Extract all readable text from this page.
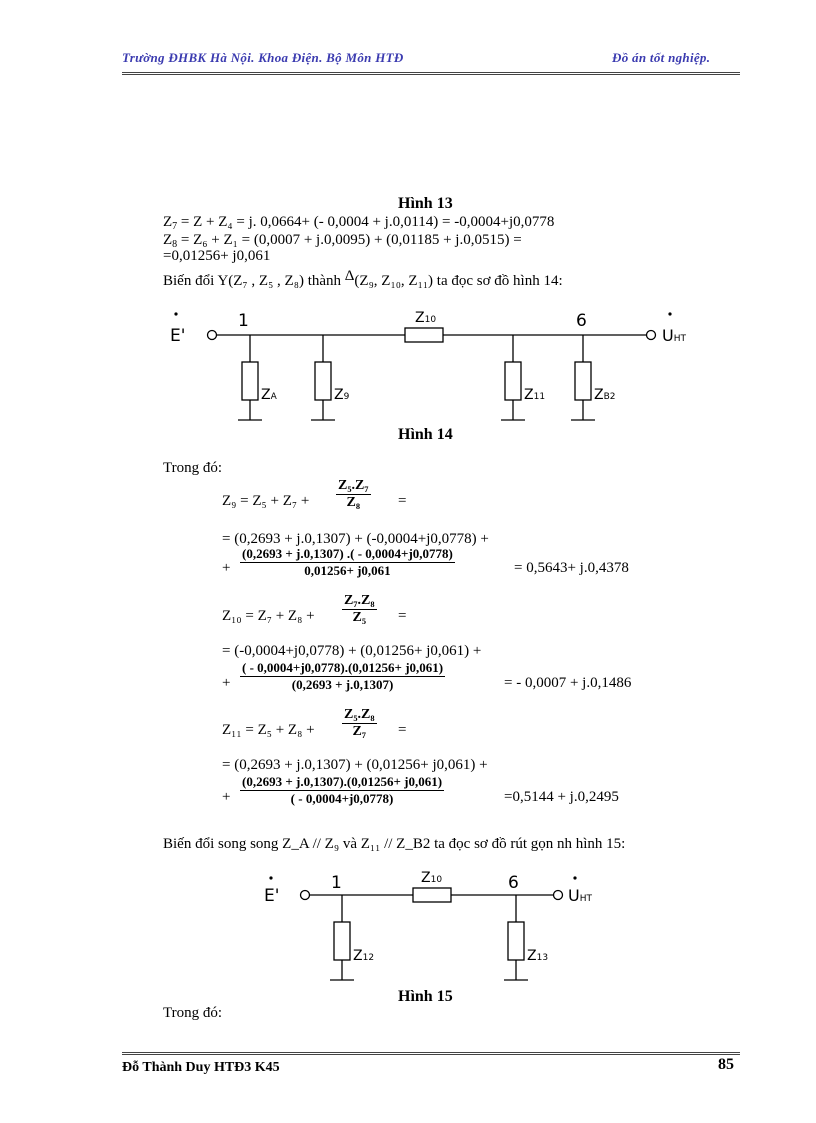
Trường ĐHBK Hà Nội. Khoa Điện. Bộ Môn HTĐ	Đồ án tốt nghiệp.
Hình 13
$Z_7 = Z + Z_4 = j$. 0,0664+ (- 0,0004 + j.0,0114) = -0,0004+j0,0778
$Z_8 = Z_6 + Z_1 = (0,0007 + j.0,0095) + (0,01185 + j.0,0515)$ =
=0,01256+ j0,061
Biến đổi Y(Z₇ , Z₅ , Z₈) thành Δ(Z₉, Z₁₀, Z₁₁) ta đọc sơ đồ hình 14:
E'
1	6
UHT
Z10
ZA	Z9	Z11	ZB2
Hình 14
Trong đó:
$Z_9 = Z_5 + Z_7 + \frac{\text{Z₅.Z₇}}{\text{Z₈}}$ =
= (0,2693 + j.0,1307) + (-0,0004+j0,0778) +
+ $\frac{(0,2693 + j.0,1307) .( - 0,0004+j0,0778)}{0,01256+ j0,061}$	= 0,5643+ j.0,4378
$Z_{10} = Z_7 + Z_8 + \frac{\text{Z₇.Z₈}}{\text{Z₅}}$ =
= (-0,0004+j0,0778) + (0,01256+ j0,061) +
+ $\frac{( - 0,0004+j0,0778).(0,01256+ j0,061)}{(0,2693 + j.0,1307)}$	= - 0,0007 + j.0,1486
$Z_{11} = Z_5 + Z_8 + \frac{\text{Z₅.Z₈}}{\text{Z₇}}$ =
= (0,2693 + j.0,1307) + (0,01256+ j0,061) +
+ $\frac{(0,2693 + j.0,1307).(0,01256+ j0,061)}{( - 0,0004+j0,0778)}$	=0,5144 + j.0,2495
Biến đổi song song Z_A // Z₉ và Z₁₁ // Z_B2 ta đọc sơ đồ rút gọn nh hình 15:
E'
1	6
UHT
Z10
Z12	Z13
Hình 15
Trong đó:
Đỗ Thành Duy HTĐ3 K45	85
